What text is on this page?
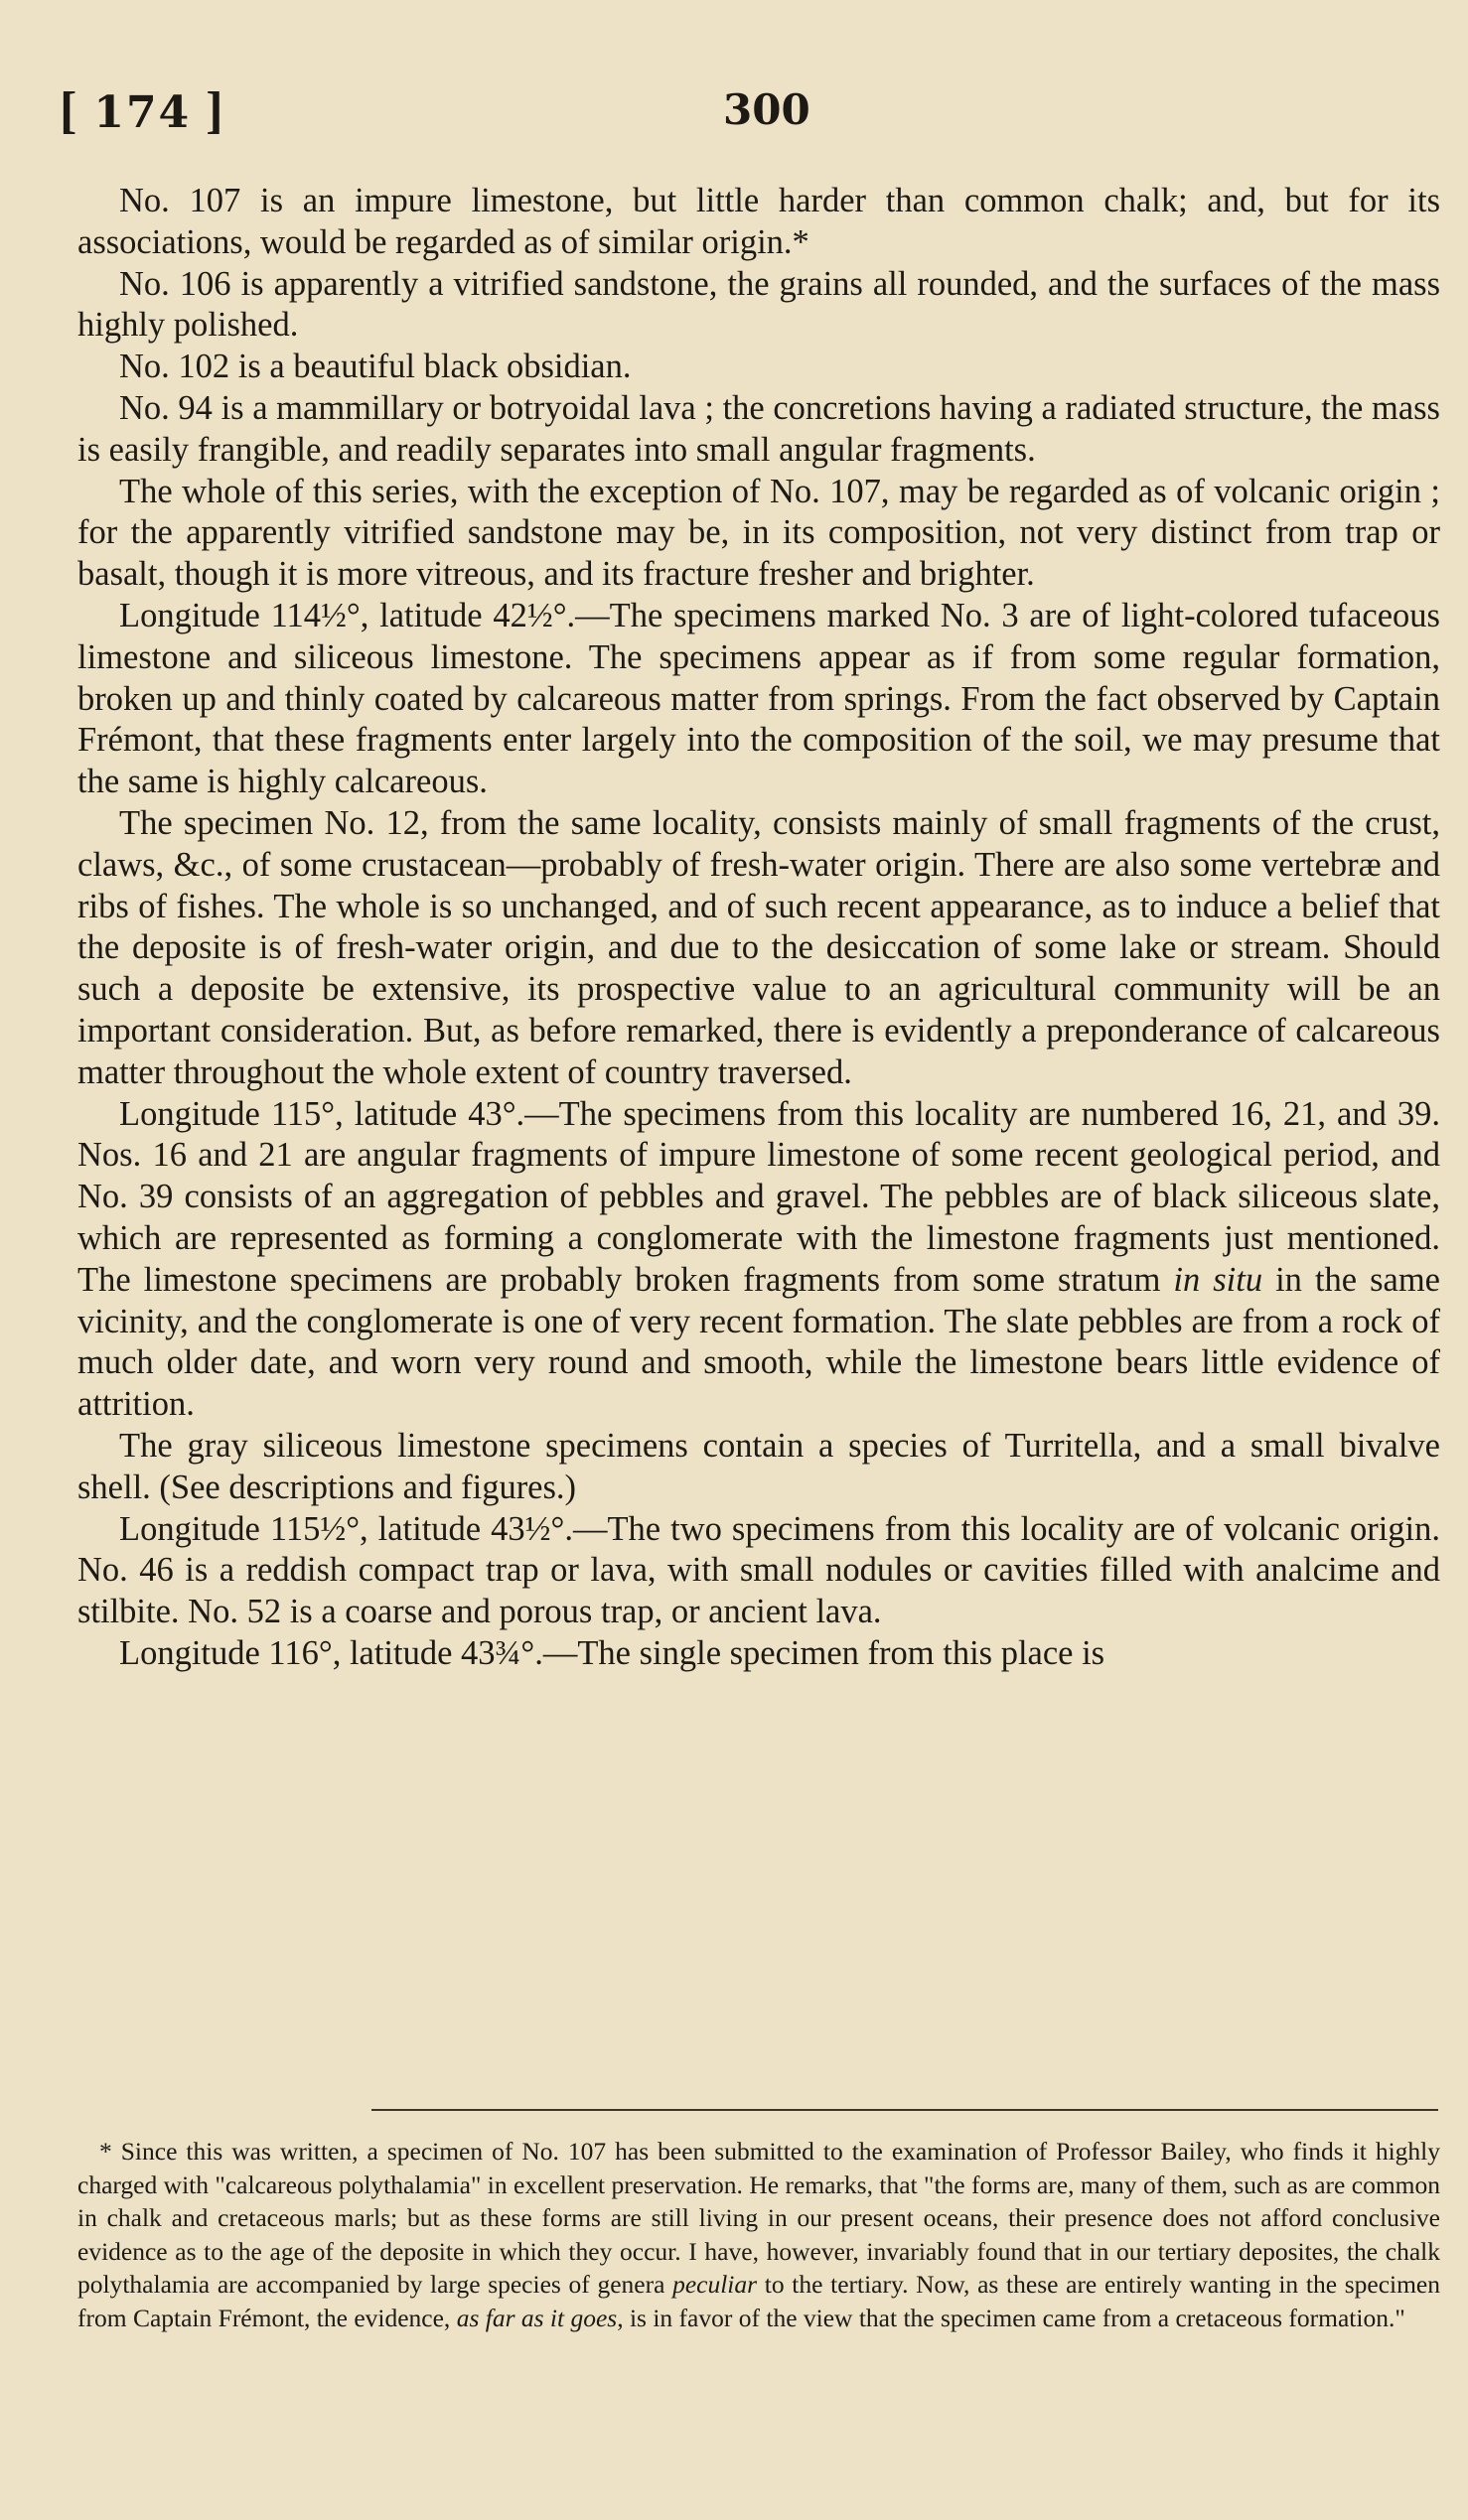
[ 174 ]	300

No. 107 is an impure limestone, but little harder than common chalk; and, but for its associations, would be regarded as of similar origin.*

No. 106 is apparently a vitrified sandstone, the grains all rounded, and the surfaces of the mass highly polished.

No. 102 is a beautiful black obsidian.

No. 94 is a mammillary or botryoidal lava ; the concretions having a radiated structure, the mass is easily frangible, and readily separates into small angular fragments.

The whole of this series, with the exception of No. 107, may be regarded as of volcanic origin ; for the apparently vitrified sandstone may be, in its composition, not very distinct from trap or basalt, though it is more vitreous, and its fracture fresher and brighter.

Longitude 114½°, latitude 42½°.—The specimens marked No. 3 are of light-colored tufaceous limestone and siliceous limestone. The specimens appear as if from some regular formation, broken up and thinly coated by calcareous matter from springs. From the fact observed by Captain Frémont, that these fragments enter largely into the composition of the soil, we may presume that the same is highly calcareous.

The specimen No. 12, from the same locality, consists mainly of small fragments of the crust, claws, &c., of some crustacean—probably of fresh-water origin. There are also some vertebræ and ribs of fishes. The whole is so unchanged, and of such recent appearance, as to induce a belief that the deposite is of fresh-water origin, and due to the desiccation of some lake or stream. Should such a deposite be extensive, its prospective value to an agricultural community will be an important consideration. But, as before remarked, there is evidently a preponderance of calcareous matter throughout the whole extent of country traversed.

Longitude 115°, latitude 43°.—The specimens from this locality are numbered 16, 21, and 39. Nos. 16 and 21 are angular fragments of impure limestone of some recent geological period, and No. 39 consists of an aggregation of pebbles and gravel. The pebbles are of black siliceous slate, which are represented as forming a conglomerate with the limestone fragments just mentioned. The limestone specimens are probably broken fragments from some stratum in situ in the same vicinity, and the conglomerate is one of very recent formation. The slate pebbles are from a rock of much older date, and worn very round and smooth, while the limestone bears little evidence of attrition.

The gray siliceous limestone specimens contain a species of Turritella, and a small bivalve shell. (See descriptions and figures.)

Longitude 115½°, latitude 43½°.—The two specimens from this locality are of volcanic origin. No. 46 is a reddish compact trap or lava, with small nodules or cavities filled with analcime and stilbite. No. 52 is a coarse and porous trap, or ancient lava.

Longitude 116°, latitude 43¾°.—The single specimen from this place is

* Since this was written, a specimen of No. 107 has been submitted to the examination of Professor Bailey, who finds it highly charged with "calcareous polythalamia" in excellent preservation. He remarks, that "the forms are, many of them, such as are common in chalk and cretaceous marls; but as these forms are still living in our present oceans, their presence does not afford conclusive evidence as to the age of the deposite in which they occur. I have, however, invariably found that in our tertiary deposites, the chalk polythalamia are accompanied by large species of genera peculiar to the tertiary. Now, as these are entirely wanting in the specimen from Captain Frémont, the evidence, as far as it goes, is in favor of the view that the specimen came from a cretaceous formation."
